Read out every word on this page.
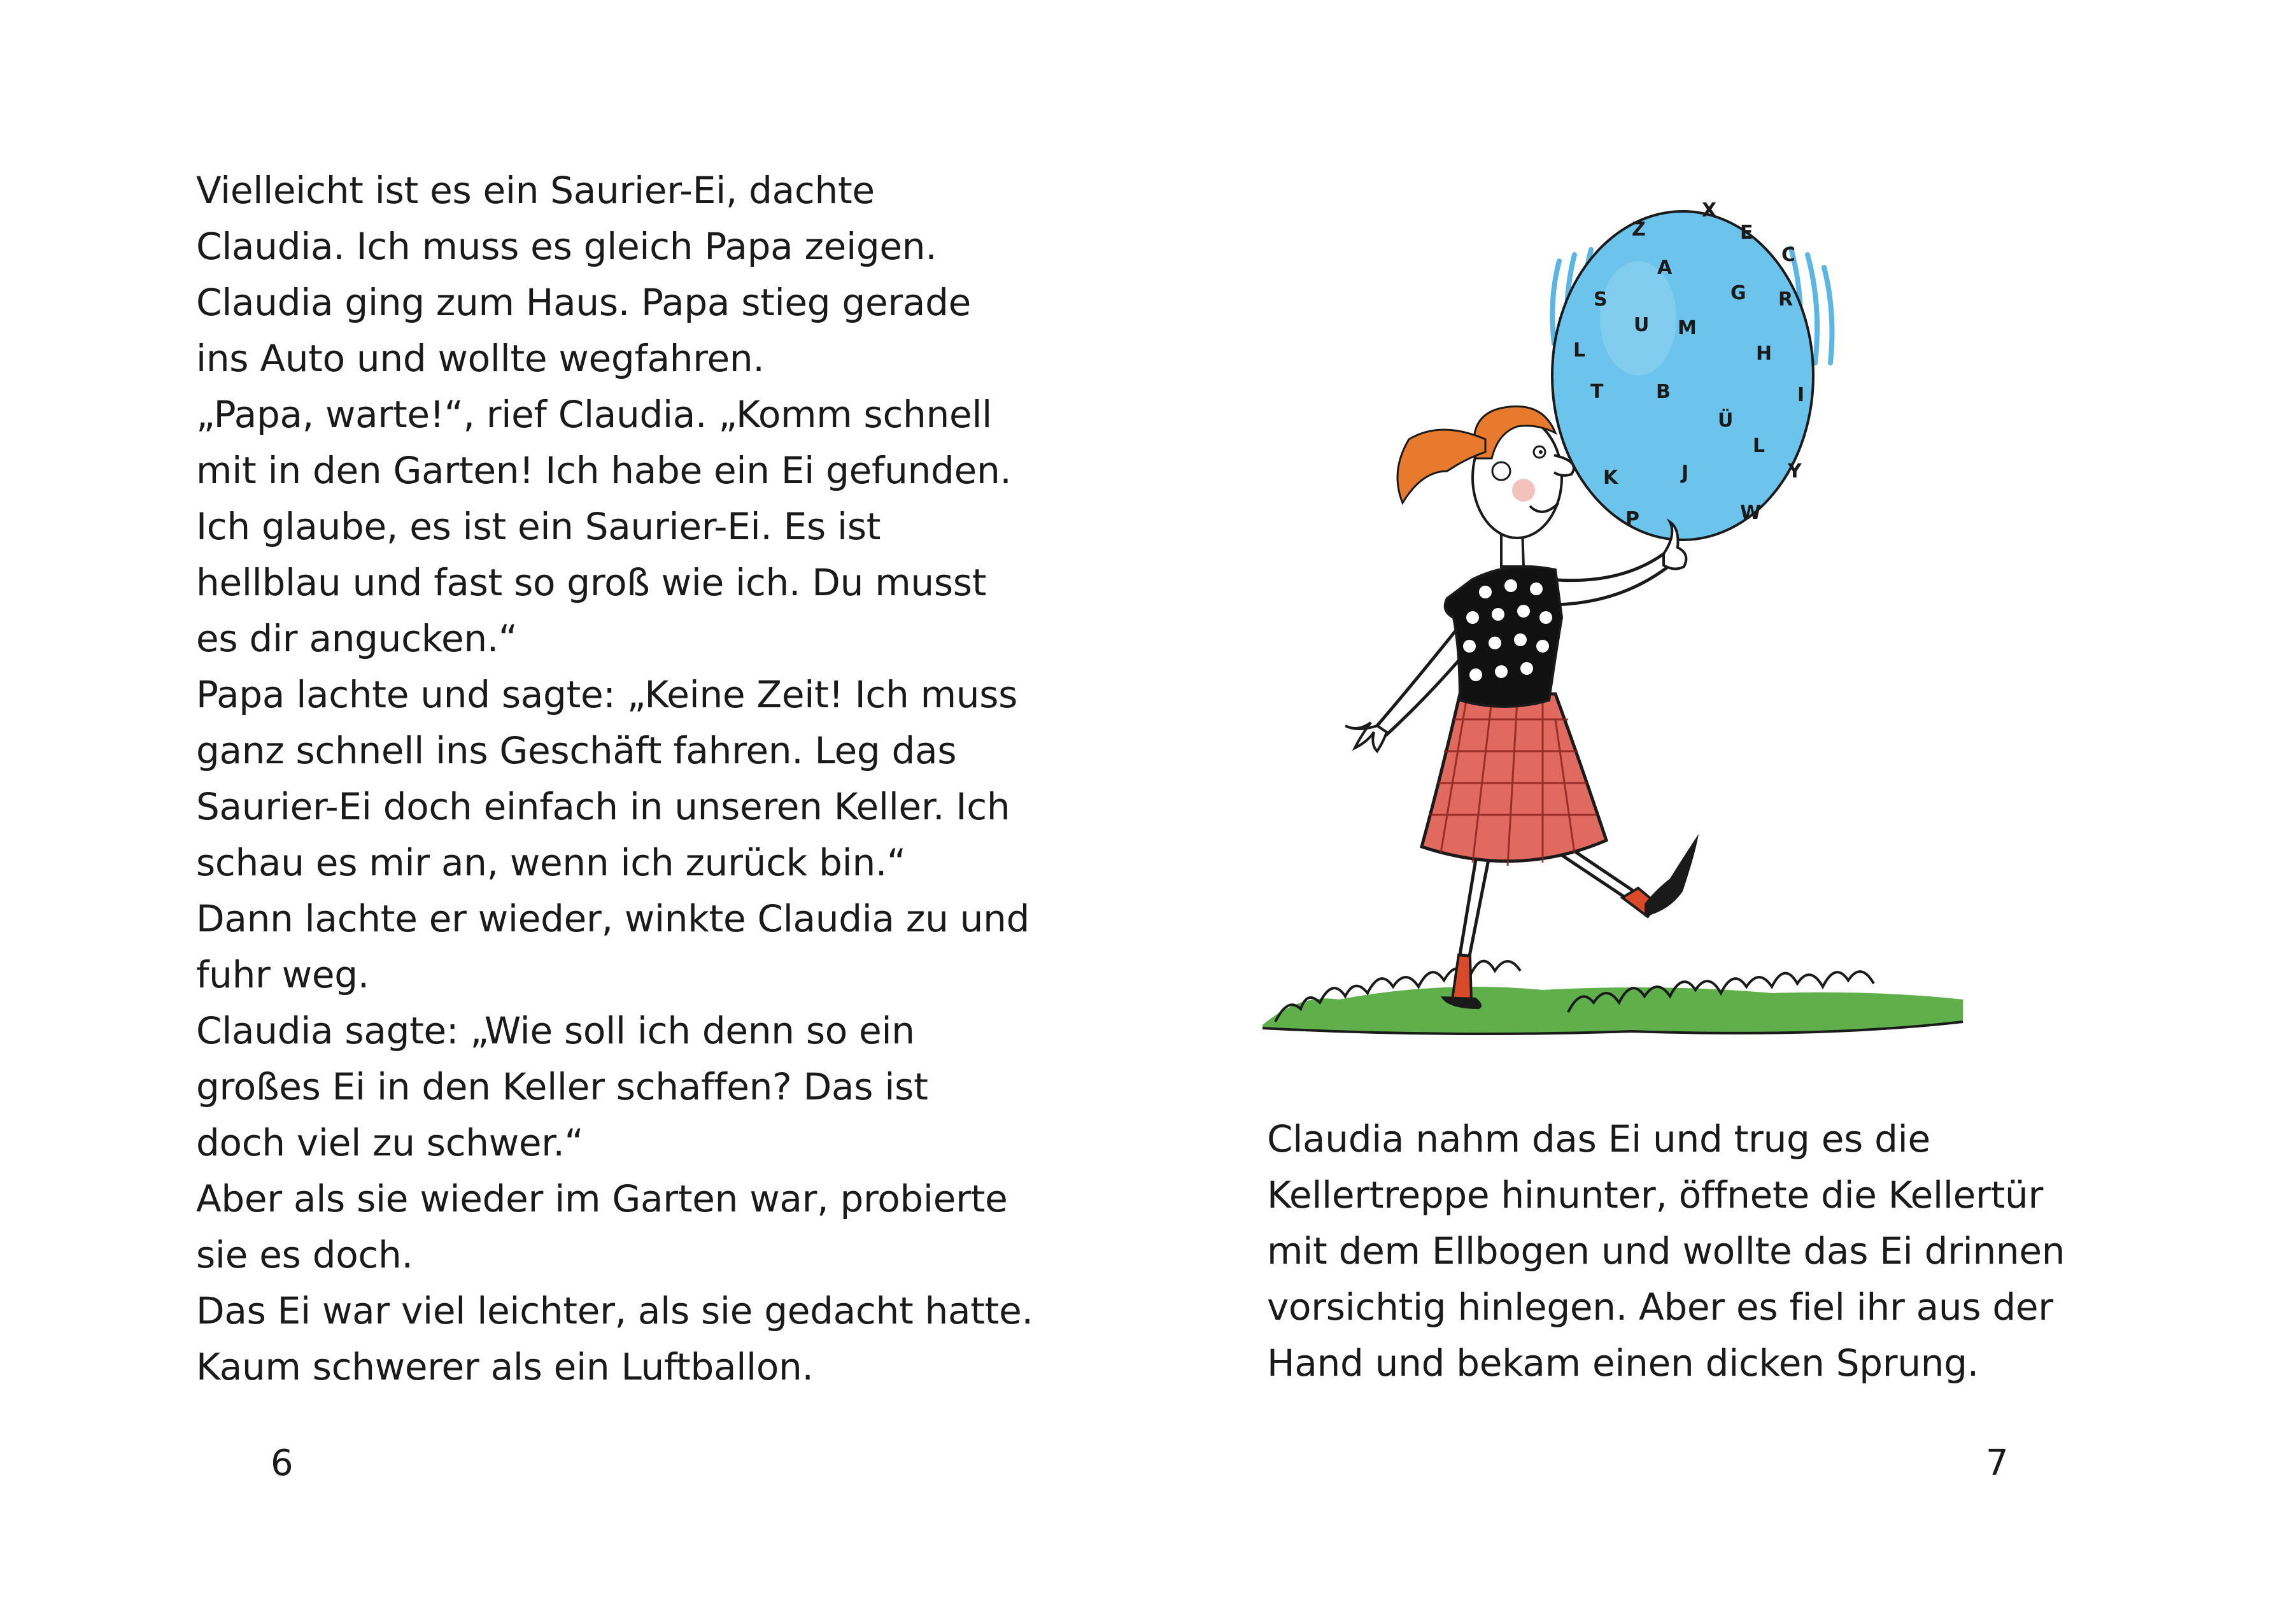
Vielleicht ist es ein Saurier-Ei, dachte
Claudia. Ich muss es gleich Papa zeigen.
Claudia ging zum Haus. Papa stieg gerade
ins Auto und wollte wegfahren.
„Papa, warte!“, rief Claudia. „Komm schnell
mit in den Garten! Ich habe ein Ei gefunden.
Ich glaube, es ist ein Saurier-Ei. Es ist
hellblau und fast so groß wie ich. Du musst
es dir angucken.“
Papa lachte und sagte: „Keine Zeit! Ich muss
ganz schnell ins Geschäft fahren. Leg das
Saurier-Ei doch einfach in unseren Keller. Ich
schau es mir an, wenn ich zurück bin.“
Dann lachte er wieder, winkte Claudia zu und
fuhr weg.
Claudia sagte: „Wie soll ich denn so ein
großes Ei in den Keller schaffen? Das ist
doch viel zu schwer.“
Aber als sie wieder im Garten war, probierte
sie es doch.
Das Ei war viel leichter, als sie gedacht hatte.
Kaum schwerer als ein Luftballon.
6
Z
X
E
C
A
G
S
U M
R
L	H
T	B	I
Ü
L
K	J	Y
P	W
Claudia nahm das Ei und trug es die
Kellertreppe hinunter, öffnete die Kellertür
mit dem Ellbogen und wollte das Ei drinnen
vorsichtig hinlegen. Aber es fiel ihr aus der
Hand und bekam einen dicken Sprung.
7
